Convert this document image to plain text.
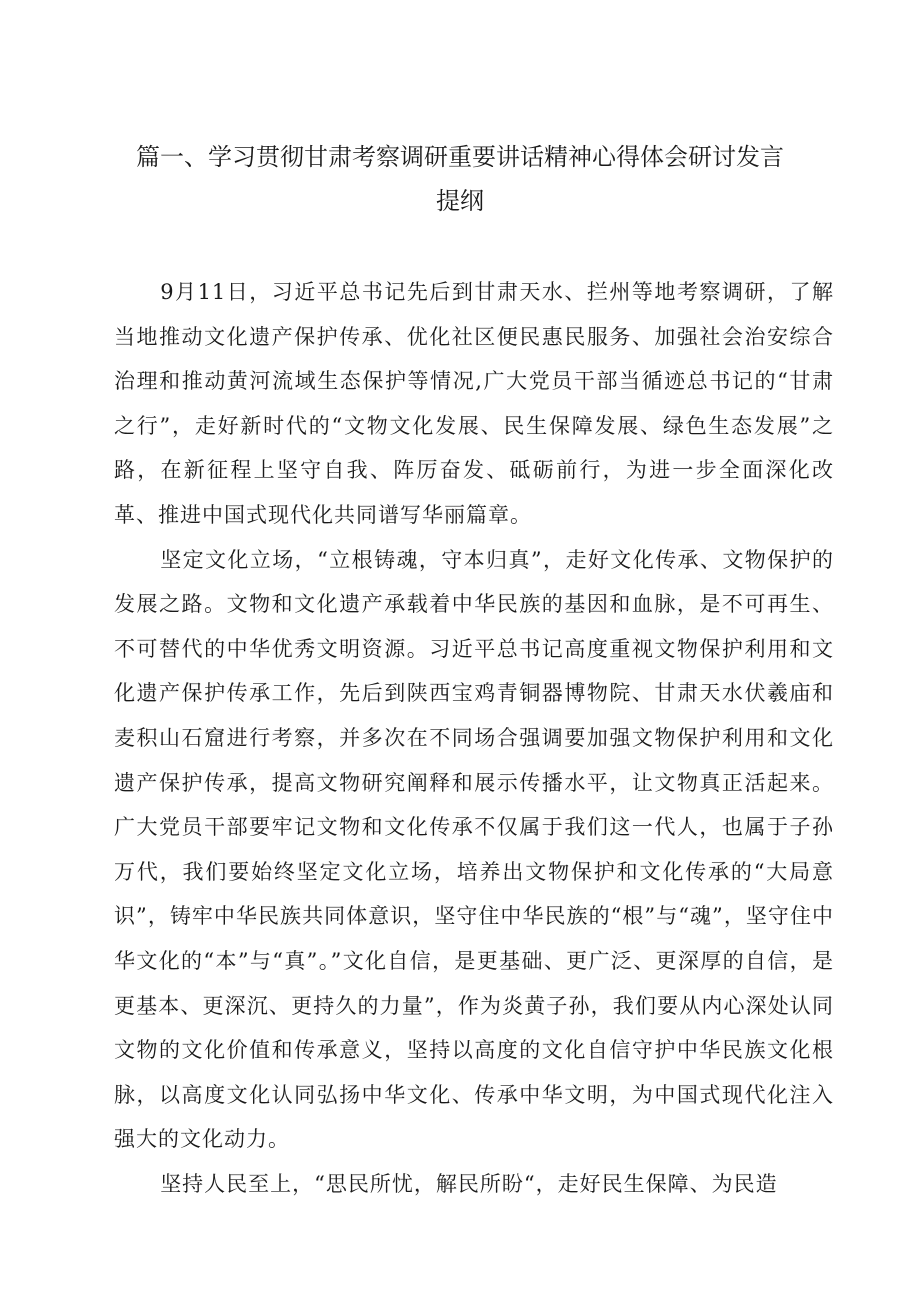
篇一、学习贯彻甘肃考察调研重要讲话精神心得体会研讨发言
提纲

9月11日，习近平总书记先后到甘肃天水、拦州等地考察调研，了解当地推动文化遗产保护传承、优化社区便民惠民服务、加强社会治安综合治理和推动黄河流域生态保护等情况,广大党员干部当循迹总书记的“甘肃之行”，走好新时代的“文物文化发展、民生保障发展、绿色生态发展”之路，在新征程上坚守自我、阵厉奋发、砥砺前行，为进一步全面深化改革、推进中国式现代化共同谱写华丽篇章。

坚定文化立场，“立根铸魂，守本归真”，走好文化传承、文物保护的发展之路。文物和文化遗产承载着中华民族的基因和血脉，是不可再生、不可替代的中华优秀文明资源。习近平总书记高度重视文物保护利用和文化遗产保护传承工作，先后到陕西宝鸡青铜器博物院、甘肃天水伏羲庙和麦积山石窟进行考察，并多次在不同场合强调要加强文物保护利用和文化遗产保护传承，提高文物研究阐释和展示传播水平，让文物真正活起来。广大党员干部要牢记文物和文化传承不仅属于我们这一代人，也属于子孙万代，我们要始终坚定文化立场，培养出文物保护和文化传承的“大局意识”，铸牢中华民族共同体意识，坚守住中华民族的“根”与“魂”，坚守住中华文化的“本”与“真”。”文化自信，是更基础、更广泛、更深厚的自信，是更基本、更深沉、更持久的力量”，作为炎黄子孙，我们要从内心深处认同文物的文化价值和传承意义，坚持以高度的文化自信守护中华民族文化根脉，以高度文化认同弘扬中华文化、传承中华文明，为中国式现代化注入强大的文化动力。

坚持人民至上，“思民所忧，解民所盼“，走好民生保障、为民造
